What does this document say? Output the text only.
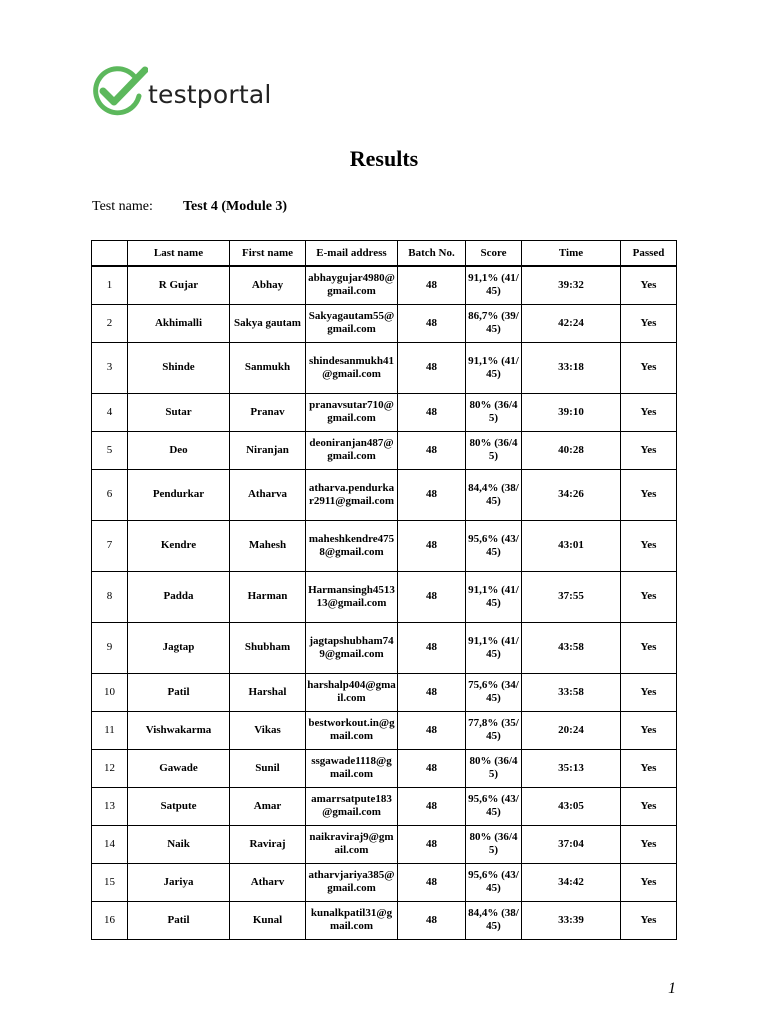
testportal
Results
Test name: Test 4 (Module 3)
	Last name	First name	E-mail address	Batch No.	Score	Time	Passed
1	R Gujar	Abhay	abhaygujar4980@gmail.com	48	91,1% (41/45)	39:32	Yes
2	Akhimalli	Sakya gautam	Sakyagautam55@gmail.com	48	86,7% (39/45)	42:24	Yes
3	Shinde	Sanmukh	shindesanmukh41@gmail.com	48	91,1% (41/45)	33:18	Yes
4	Sutar	Pranav	pranavsutar710@gmail.com	48	80% (36/45)	39:10	Yes
5	Deo	Niranjan	deoniranjan487@gmail.com	48	80% (36/45)	40:28	Yes
6	Pendurkar	Atharva	atharva.pendurkar2911@gmail.com	48	84,4% (38/45)	34:26	Yes
7	Kendre	Mahesh	maheshkendre4758@gmail.com	48	95,6% (43/45)	43:01	Yes
8	Padda	Harman	Harmansingh451313@gmail.com	48	91,1% (41/45)	37:55	Yes
9	Jagtap	Shubham	jagtapshubham749@gmail.com	48	91,1% (41/45)	43:58	Yes
10	Patil	Harshal	harshalp404@gmail.com	48	75,6% (34/45)	33:58	Yes
11	Vishwakarma	Vikas	bestworkout.in@gmail.com	48	77,8% (35/45)	20:24	Yes
12	Gawade	Sunil	ssgawade1118@gmail.com	48	80% (36/45)	35:13	Yes
13	Satpute	Amar	amarrsatpute183@gmail.com	48	95,6% (43/45)	43:05	Yes
14	Naik	Raviraj	naikraviraj9@gmail.com	48	80% (36/45)	37:04	Yes
15	Jariya	Atharv	atharvjariya385@gmail.com	48	95,6% (43/45)	34:42	Yes
16	Patil	Kunal	kunalkpatil31@gmail.com	48	84,4% (38/45)	33:39	Yes
1
